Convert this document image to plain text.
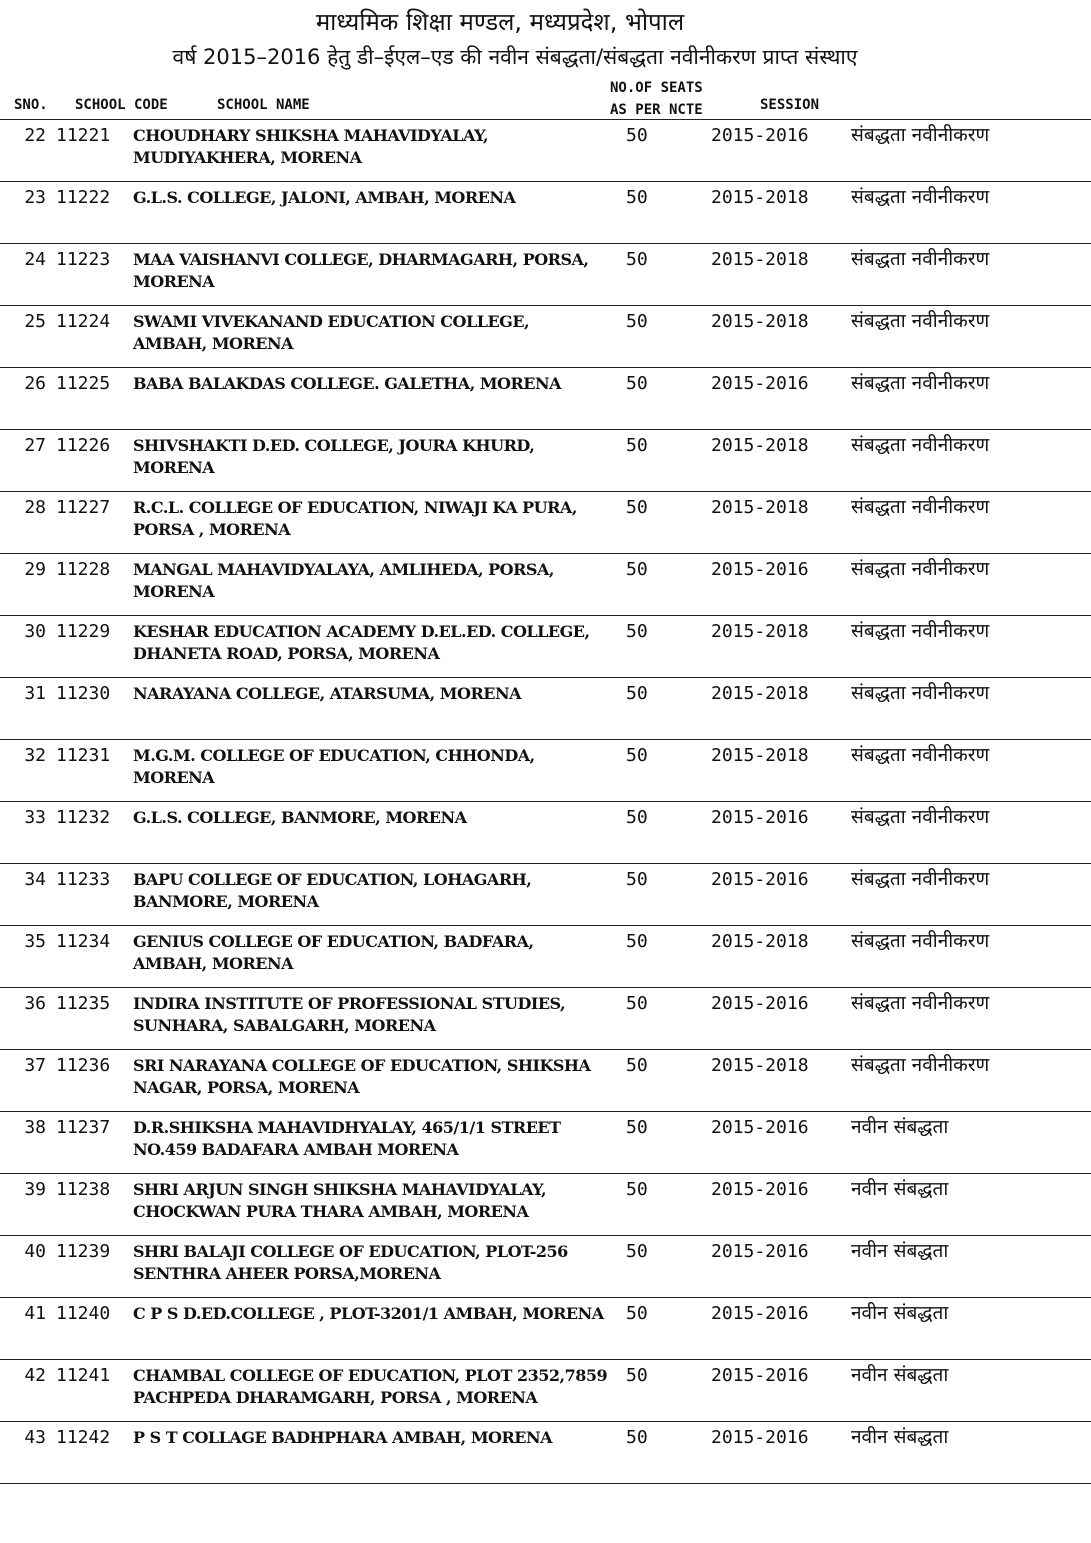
माध्यमिक शिक्षा मण्डल, मध्यप्रदेश, भोपाल
वर्ष 2015–2016 हेतु डी–ईएल–एड की नवीन संबद्धता/संबद्धता नवीनीकरण प्राप्त संस्थाए
SNO. SCHOOL CODE	SCHOOL NAME
NO.OF SEATS
AS PER NCTE	SESSION
22 11221 CHOUDHARY SHIKSHA MAHAVIDYALAY,
MUDIYAKHERA, MORENA
50	2015-2016 संबद्धता नवीनीकरण
23 11222 G.L.S. COLLEGE, JALONI, AMBAH, MORENA	50	2015-2018 संबद्धता नवीनीकरण
24 11223 MAA VAISHANVI COLLEGE, DHARMAGARH, PORSA,
MORENA
50	2015-2018 संबद्धता नवीनीकरण
25 11224 SWAMI VIVEKANAND EDUCATION COLLEGE,
AMBAH, MORENA
50	2015-2018 संबद्धता नवीनीकरण
26 11225 BABA BALAKDAS COLLEGE. GALETHA, MORENA	50	2015-2016 संबद्धता नवीनीकरण
27 11226 SHIVSHAKTI D.ED. COLLEGE, JOURA KHURD,
MORENA
50	2015-2018 संबद्धता नवीनीकरण
28 11227 R.C.L. COLLEGE OF EDUCATION, NIWAJI KA PURA,
PORSA , MORENA
50	2015-2018 संबद्धता नवीनीकरण
29 11228 MANGAL MAHAVIDYALAYA, AMLIHEDA, PORSA,
MORENA
50	2015-2016 संबद्धता नवीनीकरण
30 11229 KESHAR EDUCATION ACADEMY D.EL.ED. COLLEGE,
DHANETA ROAD, PORSA, MORENA
50	2015-2018 संबद्धता नवीनीकरण
31 11230 NARAYANA COLLEGE, ATARSUMA, MORENA	50	2015-2018 संबद्धता नवीनीकरण
32 11231 M.G.M. COLLEGE OF EDUCATION, CHHONDA,
MORENA
50	2015-2018 संबद्धता नवीनीकरण
33 11232 G.L.S. COLLEGE, BANMORE, MORENA	50	2015-2016 संबद्धता नवीनीकरण
34 11233 BAPU COLLEGE OF EDUCATION, LOHAGARH,
BANMORE, MORENA
50	2015-2016 संबद्धता नवीनीकरण
35 11234 GENIUS COLLEGE OF EDUCATION, BADFARA,
AMBAH, MORENA
50	2015-2018 संबद्धता नवीनीकरण
36 11235 INDIRA INSTITUTE OF PROFESSIONAL STUDIES,
SUNHARA, SABALGARH, MORENA
50	2015-2016 संबद्धता नवीनीकरण
37 11236 SRI NARAYANA COLLEGE OF EDUCATION, SHIKSHA
NAGAR, PORSA, MORENA
50	2015-2018 संबद्धता नवीनीकरण
38 11237 D.R.SHIKSHA MAHAVIDHYALAY, 465/1/1 STREET
NO.459 BADAFARA AMBAH MORENA
50	2015-2016 नवीन संबद्धता
39 11238 SHRI ARJUN SINGH SHIKSHA MAHAVIDYALAY,
CHOCKWAN PURA THARA AMBAH, MORENA
50	2015-2016 नवीन संबद्धता
40 11239 SHRI BALAJI COLLEGE OF EDUCATION, PLOT-256
SENTHRA AHEER PORSA,MORENA
50	2015-2016 नवीन संबद्धता
41 11240 C P S D.ED.COLLEGE , PLOT-3201/1 AMBAH, MORENA	50	2015-2016 नवीन संबद्धता
42 11241 CHAMBAL COLLEGE OF EDUCATION, PLOT 2352,7859
PACHPEDA DHARAMGARH, PORSA , MORENA
50	2015-2016 नवीन संबद्धता
43 11242 P S T COLLAGE BADHPHARA AMBAH, MORENA	50	2015-2016 नवीन संबद्धता
